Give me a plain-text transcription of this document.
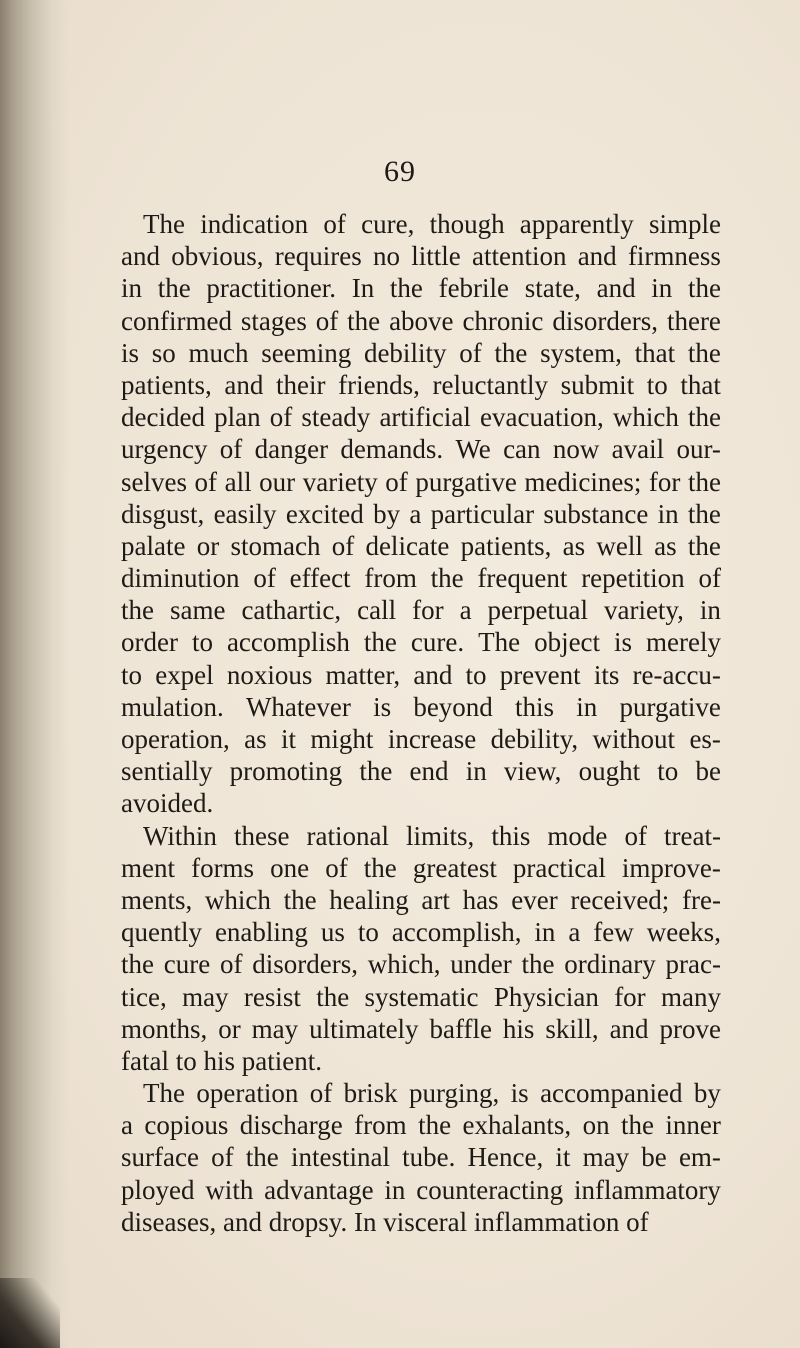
69
The indication of cure, though apparently simple
and obvious, requires no little attention and firmness
in the practitioner. In the febrile state, and in the
confirmed stages of the above chronic disorders, there
is so much seeming debility of the system, that the
patients, and their friends, reluctantly submit to that
decided plan of steady artificial evacuation, which the
urgency of danger demands. We can now avail our-
selves of all our variety of purgative medicines; for the
disgust, easily excited by a particular substance in the
palate or stomach of delicate patients, as well as the
diminution of effect from the frequent repetition of
the same cathartic, call for a perpetual variety, in
order to accomplish the cure. The object is merely
to expel noxious matter, and to prevent its re-accu-
mulation. Whatever is beyond this in purgative
operation, as it might increase debility, without es-
sentially promoting the end in view, ought to be
avoided.
Within these rational limits, this mode of treat-
ment forms one of the greatest practical improve-
ments, which the healing art has ever received; fre-
quently enabling us to accomplish, in a few weeks,
the cure of disorders, which, under the ordinary prac-
tice, may resist the systematic Physician for many
months, or may ultimately baffle his skill, and prove
fatal to his patient.
The operation of brisk purging, is accompanied by
a copious discharge from the exhalants, on the inner
surface of the intestinal tube. Hence, it may be em-
ployed with advantage in counteracting inflammatory
diseases, and dropsy. In visceral inflammation of
